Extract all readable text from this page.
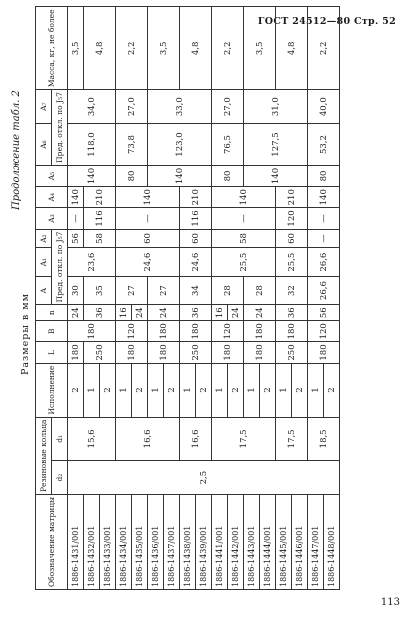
ГОСТ 24512—80 Стр. 52
113
Продолжение табл. 2
Размеры в мм
Обозначение матрицы	Резиновые кольца		Исполнение	L	B	n	A	A₁	A₂	A₃	A₄	A₅	A₆	A₇	Масса, кг, не более
	d₂	d₁					Пред. откл. по J₅7						Пред. откл. по J₅7		
1886-1431/001	2,5	15,6	2	180	180	24	30	23,6	56	—	140	140	118,0	34,0	3,5
1886-1432/001			1	250		36	35		58	116	210				4,8
1886-1433/001			2												
1886-1434/001		16,6	1	180	120	16	27	24,6	60	—	140	80	73,8	27,0	2,2
1886-1435/001			2			24									
1886-1436/001			1	180	180	24	27					140	123,0	33,0	3,5
1886-1437/001			2												
1886-1438/001		16,6	1	250	180	36	34	24,6	60	116	210				4,8
1886-1439/001			2												
1886-1441/001		17,5	1	180	120	16	28	25,5	58	—	140	80	76,5	27,0	2,2
1886-1442/001			2			24									
1886-1443/001			1	180	180	24	28					140	127,5	31,0	3,5
1886-1444/001			2												
1886-1445/001		17,5	1	250	180	36	32	25,5	60	120	210				4,8
1886-1446/001			2												
1886-1447/001		18,5	1	180	120	56	26,6	26,6	—	—	140	80	53,2	40,0	2,2
1886-1448/001			2												
